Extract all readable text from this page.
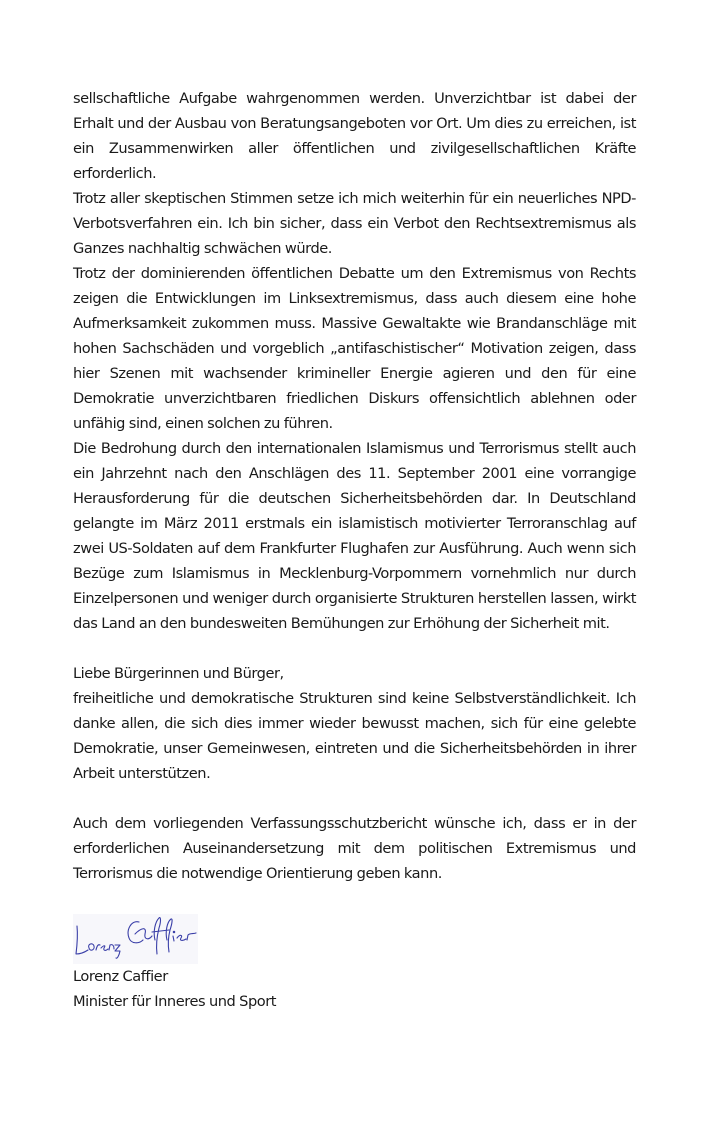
sellschaftliche Aufgabe wahrgenommen werden. Unverzichtbar ist dabei der Erhalt und der Ausbau von Beratungsangeboten vor Ort. Um dies zu erreichen, ist ein Zusammenwirken aller öffentlichen und zivilgesellschaftlichen Kräfte erforderlich.

Trotz aller skeptischen Stimmen setze ich mich weiterhin für ein neuerliches NPD-Verbotsverfahren ein. Ich bin sicher, dass ein Verbot den Rechtsextremismus als Ganzes nachhaltig schwächen würde.

Trotz der dominierenden öffentlichen Debatte um den Extremismus von Rechts zeigen die Entwicklungen im Linksextremismus, dass auch diesem eine hohe Aufmerksamkeit zukommen muss. Massive Gewaltakte wie Brandanschläge mit hohen Sachschäden und vorgeblich „antifaschistischer“ Motivation zeigen, dass hier Szenen mit wachsender krimineller Energie agieren und den für eine Demokratie unverzichtbaren friedlichen Diskurs offensichtlich ablehnen oder unfähig sind, einen solchen zu führen.

Die Bedrohung durch den internationalen Islamismus und Terrorismus stellt auch ein Jahrzehnt nach den Anschlägen des 11. September 2001 eine vorrangige Herausforderung für die deutschen Sicherheitsbehörden dar. In Deutschland gelangte im März 2011 erstmals ein islamistisch motivierter Terroranschlag auf zwei US-Soldaten auf dem Frankfurter Flughafen zur Ausführung. Auch wenn sich Bezüge zum Islamismus in Mecklenburg-Vorpommern vornehmlich nur durch Einzelpersonen und weniger durch organisierte Strukturen herstellen lassen, wirkt das Land an den bundesweiten Bemühungen zur Erhöhung der Sicherheit mit.

Liebe Bürgerinnen und Bürger,

freiheitliche und demokratische Strukturen sind keine Selbstverständlichkeit. Ich danke allen, die sich dies immer wieder bewusst machen, sich für eine gelebte Demokratie, unser Gemeinwesen, eintreten und die Sicherheitsbehörden in ihrer Arbeit unterstützen.

Auch dem vorliegenden Verfassungsschutzbericht wünsche ich, dass er in der erforderlichen Auseinandersetzung mit dem politischen Extremismus und Terrorismus die notwendige Orientierung geben kann.

Lorenz Caffier

Minister für Inneres und Sport
